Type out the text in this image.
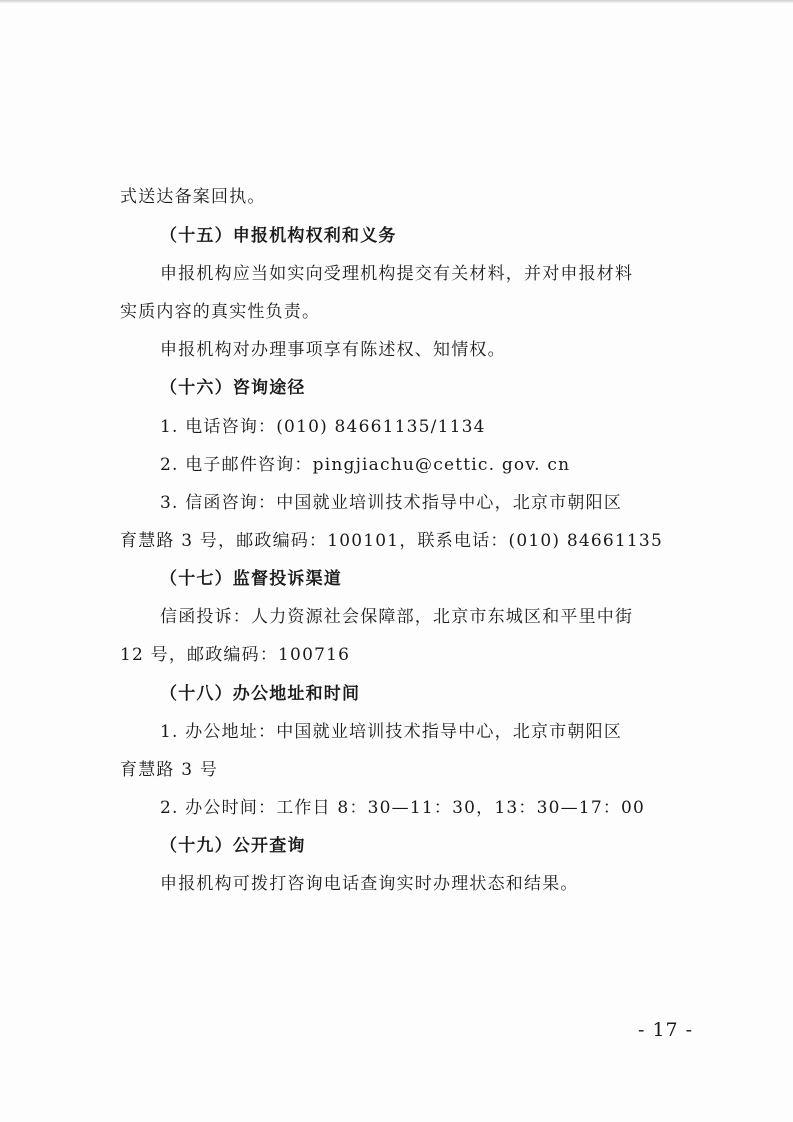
式送达备案回执。
（十五）申报机构权利和义务
申报机构应当如实向受理机构提交有关材料，并对申报材料
实质内容的真实性负责。
申报机构对办理事项享有陈述权、知情权。
（十六）咨询途径
1. 电话咨询：(010) 84661135/1134
2. 电子邮件咨询：pingjiachu@cettic. gov. cn
3. 信函咨询：中国就业培训技术指导中心，北京市朝阳区
育慧路 3 号，邮政编码：100101，联系电话：(010) 84661135
（十七）监督投诉渠道
信函投诉：人力资源社会保障部，北京市东城区和平里中街
12 号，邮政编码：100716
（十八）办公地址和时间
1. 办公地址：中国就业培训技术指导中心，北京市朝阳区
育慧路 3 号
2. 办公时间：工作日 8：30—11：30，13：30—17：00
（十九）公开查询
申报机构可拨打咨询电话查询实时办理状态和结果。
- 17 -
